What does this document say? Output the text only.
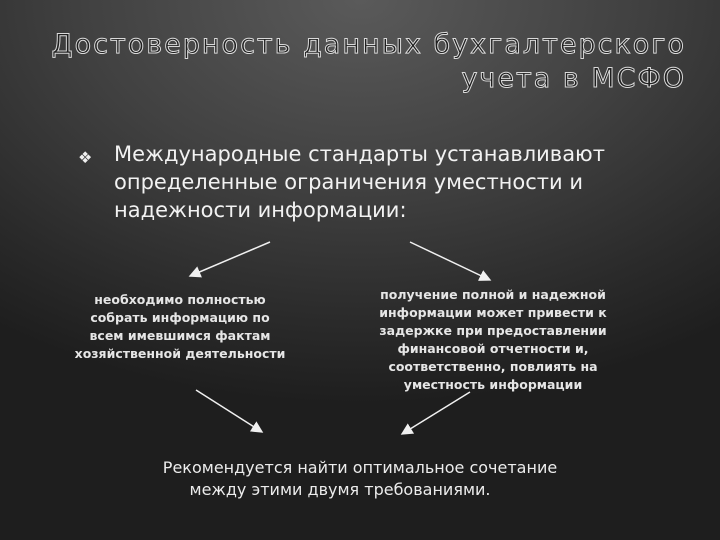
Достоверность данных бухгалтерского
учета в МСФО
❖ Международные стандарты устанавливают
определенные ограничения уместности и
надежности информации:
необходимо полностью
собрать информацию по
всем имевшимся фактам
хозяйственной деятельности
получение полной и надежной
информации может привести к
задержке при предоставлении
финансовой отчетности и,
соответственно, повлиять на
уместность информации
Рекомендуется найти оптимальное сочетание
между этими двумя требованиями.
